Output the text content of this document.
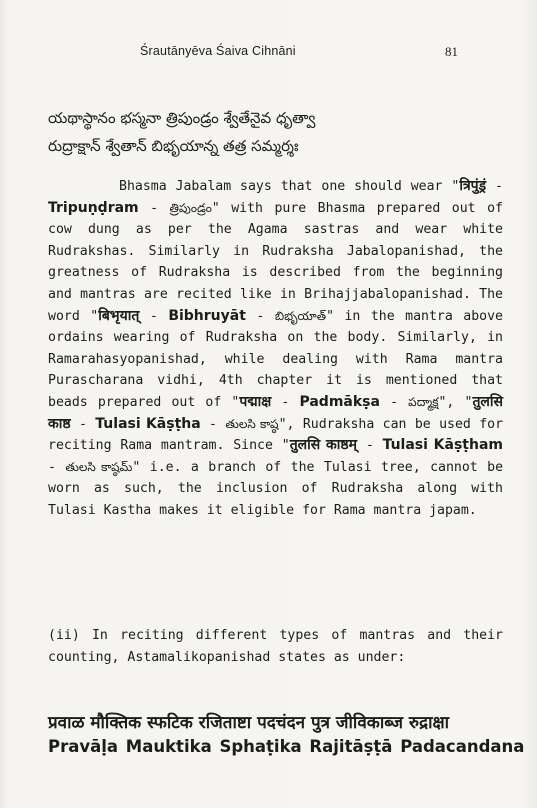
Śrautānyēva Śaiva Cihnāni	81
యథాస్థానం భస్మనా త్రిపుండ్రం శ్వేతేనైవ ధృత్వా
రుద్రాక్షాన్ శ్వేతాన్ బిభృయాన్న తత్ర సమ్మర్శః

Bhasma Jabalam says that one should wear "त्रिपुंड्रं - Tripuṇḍram - త్రిపుండ్రం" with pure Bhasma prepared out of cow dung as per the Agama sastras and wear white Rudrakshas. Similarly in Rudraksha Jabalopanishad, the greatness of Rudraksha is described from the beginning and mantras are recited like in Brihajjabalopanishad. The word "बिभृयात् - Bibhruyāt - బిభృయాత్" in the mantra above ordains wearing of Rudraksha on the body. Similarly, in Ramarahasyopanishad, while dealing with Rama mantra Purascharana vidhi, 4th chapter it is mentioned that beads prepared out of "पद्माक्ष - Padmākṣa - పద్మాక్ష", "तुलसि काष्ठ - Tulasi Kāṣṭha - తులసి కాష్ఠ", Rudraksha can be used for reciting Rama mantram. Since "तुलसि काष्ठम् - Tulasi Kāṣṭham - తులసి కాష్ఠమ్" i.e. a branch of the Tulasi tree, cannot be worn as such, the inclusion of Rudraksha along with Tulasi Kastha makes it eligible for Rama mantra japam.

(ii) In reciting different types of mantras and their counting, Astamalikopanishad states as under:

प्रवाळ मौक्तिक स्फटिक रजिताष्टा पदचंदन पुत्र जीविकाब्ज रुद्राक्षा
Pravāḷa Mauktika Sphaṭika Rajitāṣṭā Padacandana
